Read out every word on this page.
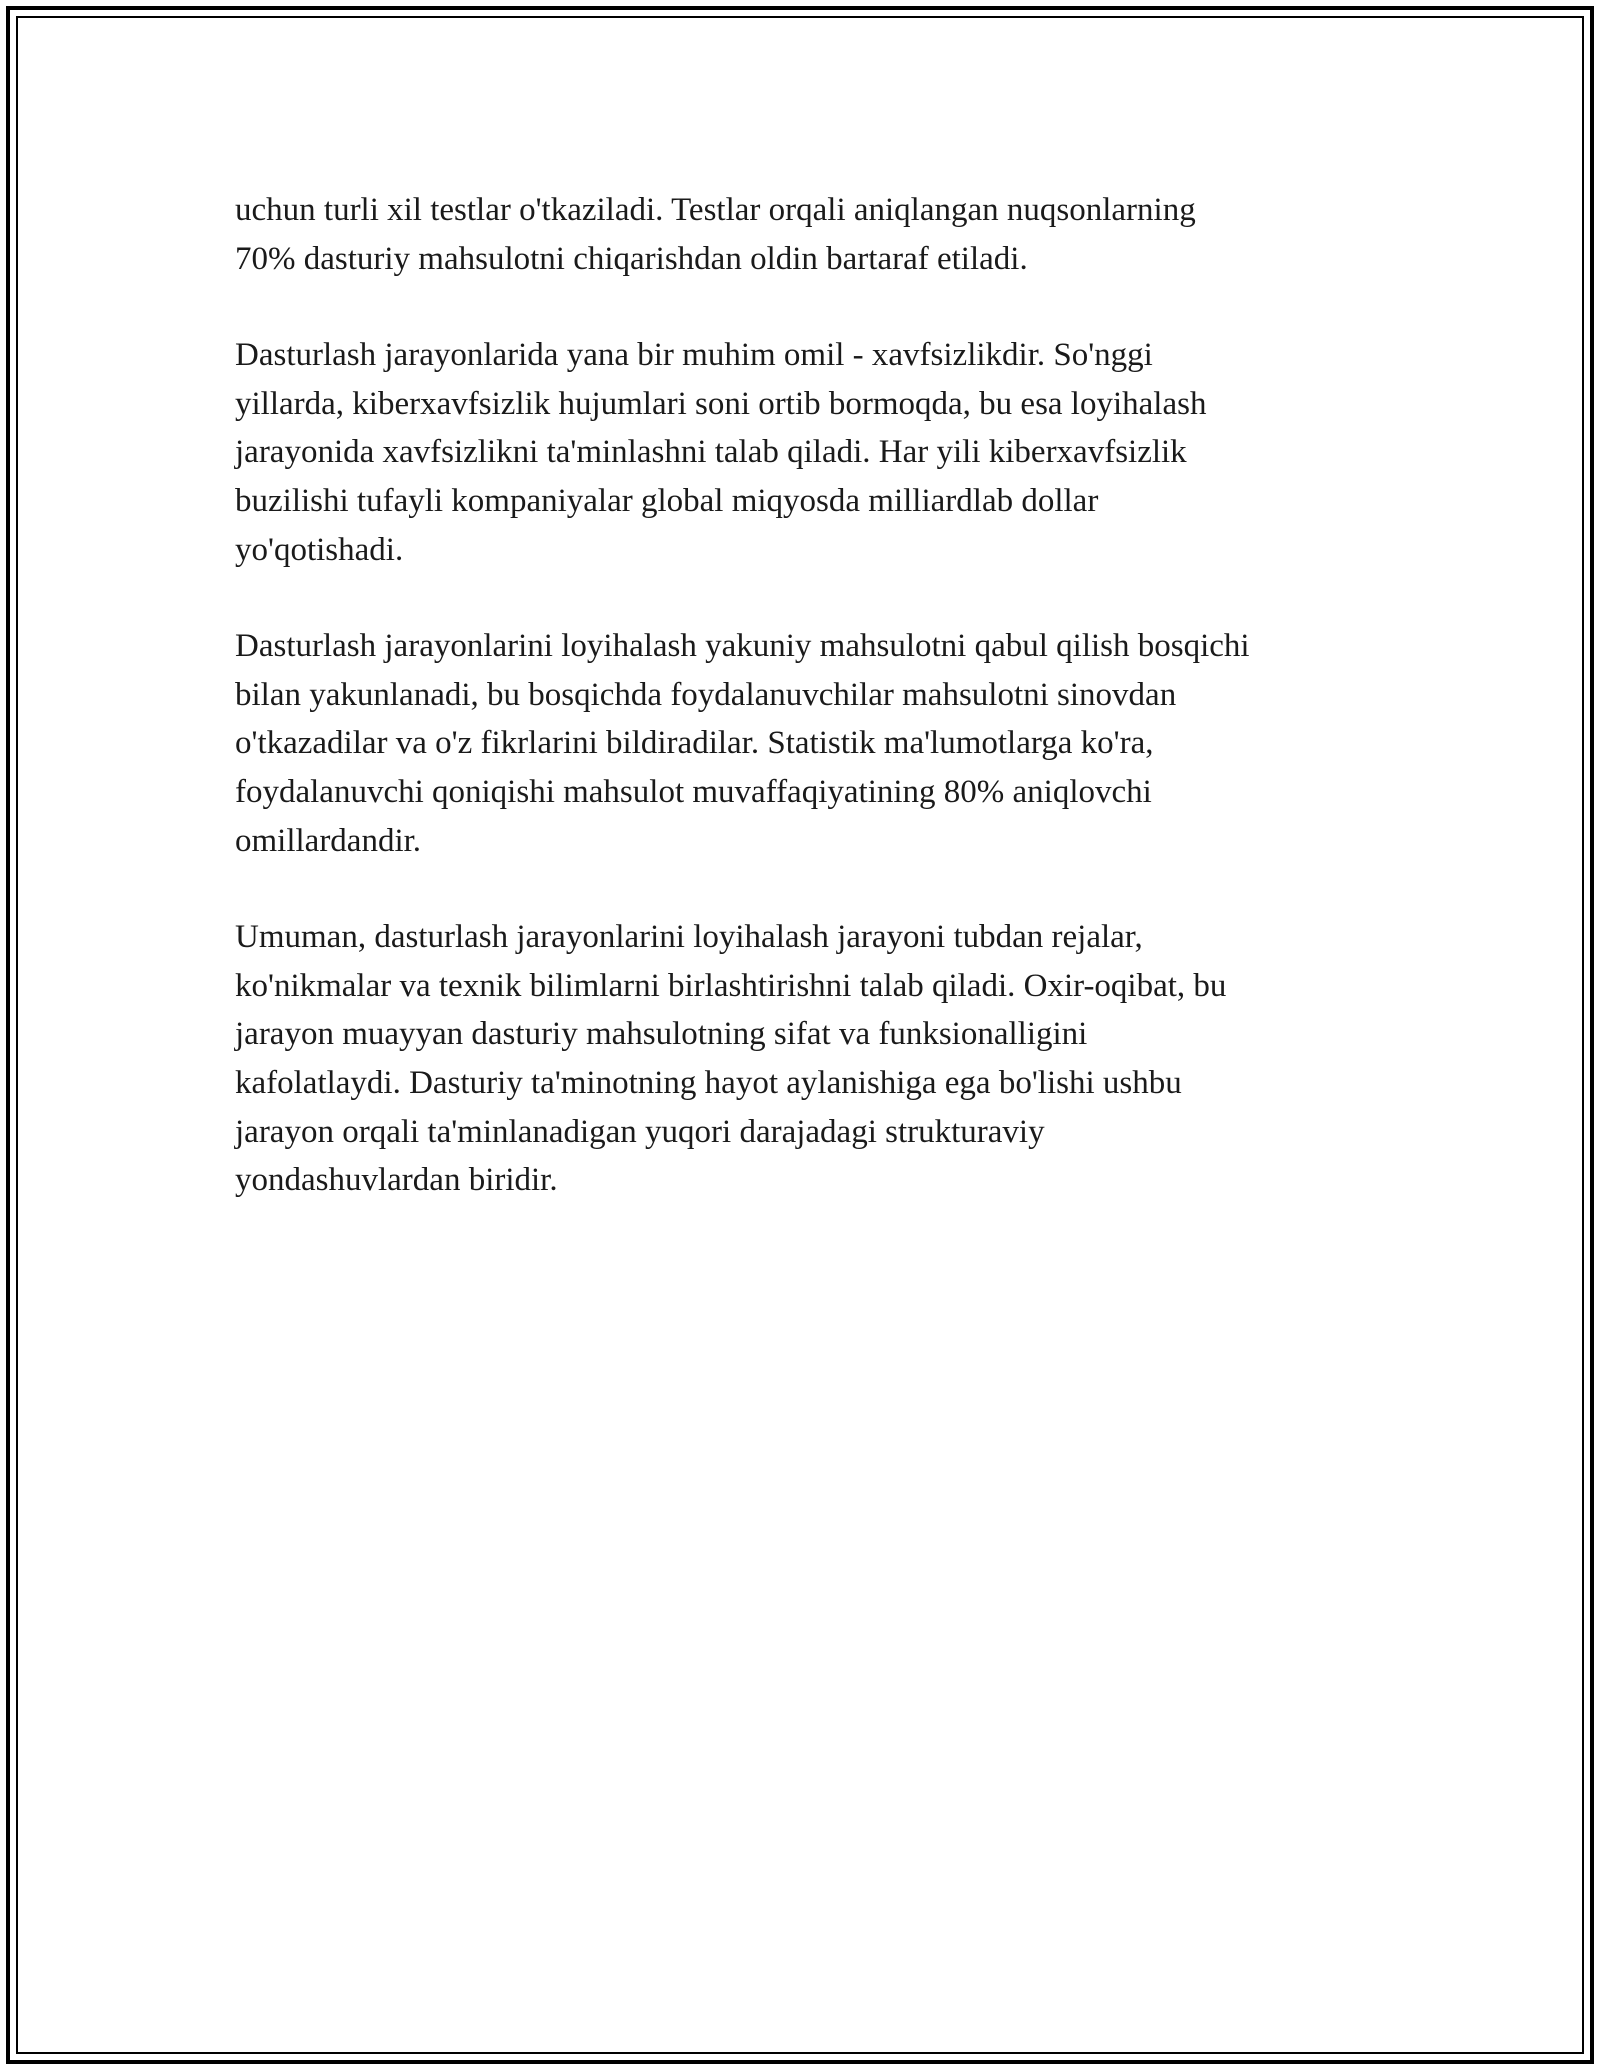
uchun turli xil testlar o'tkaziladi. Testlar orqali aniqlangan nuqsonlarning
70% dasturiy mahsulotni chiqarishdan oldin bartaraf etiladi.

Dasturlash jarayonlarida yana bir muhim omil - xavfsizlikdir. So'nggi
yillarda, kiberxavfsizlik hujumlari soni ortib bormoqda, bu esa loyihalash
jarayonida xavfsizlikni ta'minlashni talab qiladi. Har yili kiberxavfsizlik
buzilishi tufayli kompaniyalar global miqyosda milliardlab dollar
yo'qotishadi.

Dasturlash jarayonlarini loyihalash yakuniy mahsulotni qabul qilish bosqichi
bilan yakunlanadi, bu bosqichda foydalanuvchilar mahsulotni sinovdan
o'tkazadilar va o'z fikrlarini bildiradilar. Statistik ma'lumotlarga ko'ra,
foydalanuvchi qoniqishi mahsulot muvaffaqiyatining 80% aniqlovchi
omillardandir.

Umuman, dasturlash jarayonlarini loyihalash jarayoni tubdan rejalar,
ko'nikmalar va texnik bilimlarni birlashtirishni talab qiladi. Oxir-oqibat, bu
jarayon muayyan dasturiy mahsulotning sifat va funksionalligini
kafolatlaydi. Dasturiy ta'minotning hayot aylanishiga ega bo'lishi ushbu
jarayon orqali ta'minlanadigan yuqori darajadagi strukturaviy
yondashuvlardan biridir.
